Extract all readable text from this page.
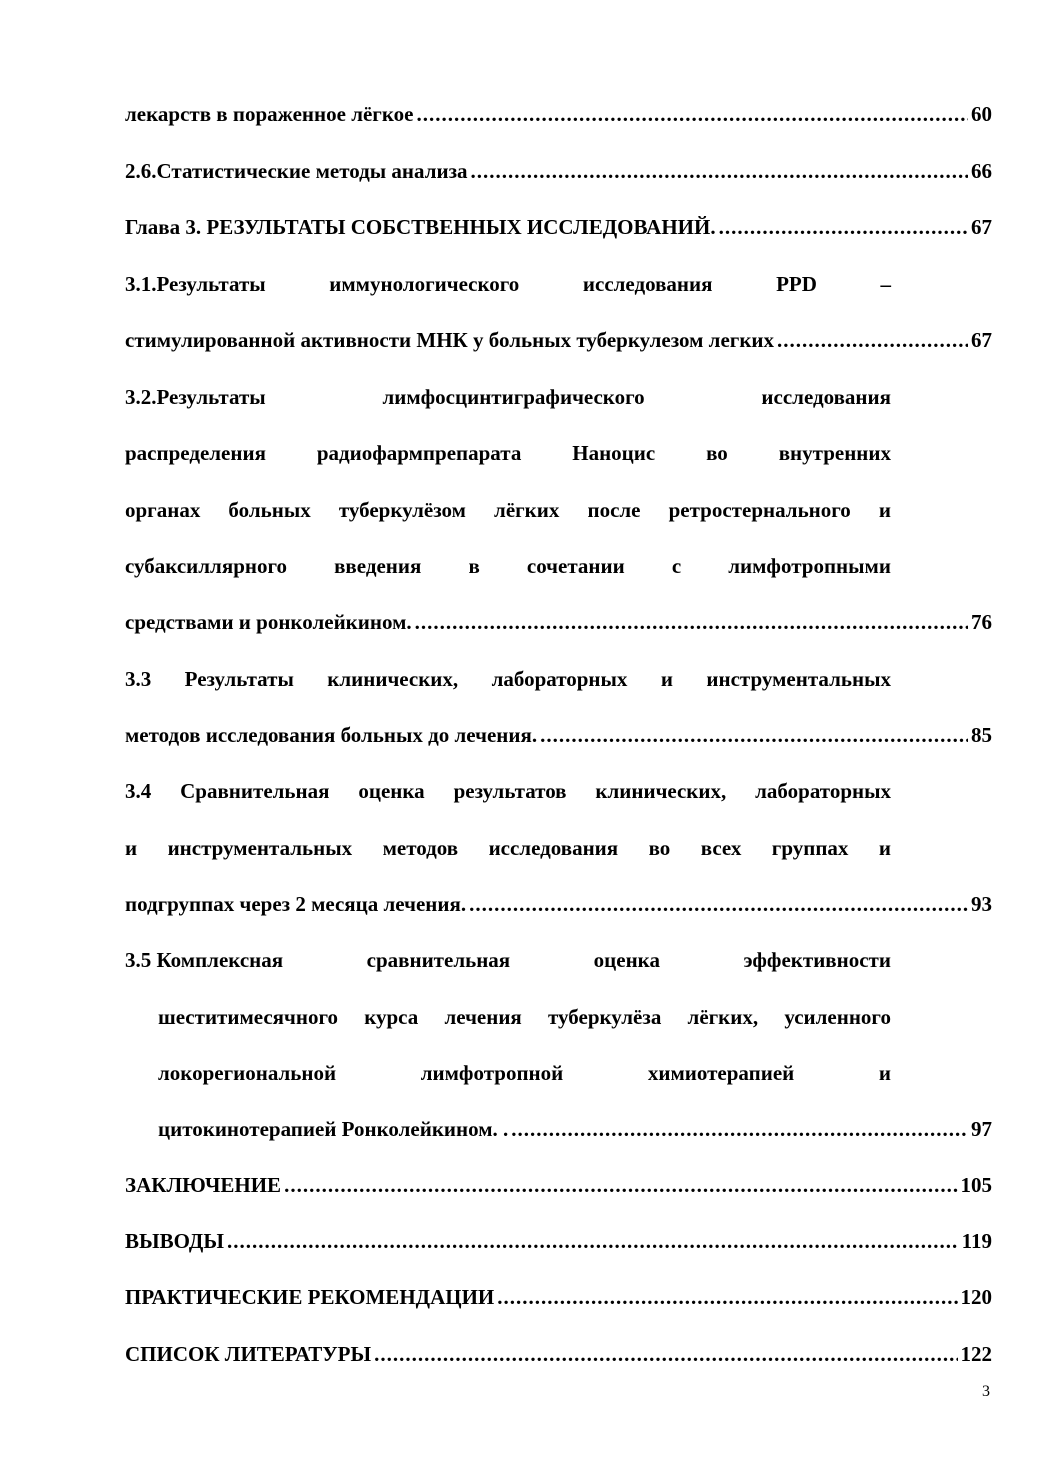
лекарств в пораженное лёгкое .....	60
2.6.Статистические методы анализа .....	66
Глава 3. РЕЗУЛЬТАТЫ СОБСТВЕННЫХ ИССЛЕДОВАНИЙ. .....	67
3.1.Результаты	иммунологического	исследования	PPD	–
стимулированной активности МНК у больных туберкулезом легких .....	67
3.2.Результаты	лимфосцинтиграфического	исследования
распределения радиофармпрепарата Наноцис во внутренних
органах больных туберкулёзом лёгких после ретростернального и
субаксиллярного введения в сочетании с лимфотропными
средствами и ронколейкином. .....	76
3.3 Результаты клинических, лабораторных и инструментальных
методов исследования больных до лечения. .....	85
3.4 Сравнительная оценка результатов клинических, лабораторных
и инструментальных методов исследования во всех группах и
подгруппах через 2 месяца лечения. .....	93
3.5 Комплексная	сравнительная	оценка	эффективности
шеститимесячного курса лечения туберкулёза лёгких, усиленного
локорегиональной	лимфотропной	химиотерапией	и
цитокинотерапией Ронколейкином. . .....	97
ЗАКЛЮЧЕНИЕ .....	105
ВЫВОДЫ .....	119
ПРАКТИЧЕСКИЕ РЕКОМЕНДАЦИИ .....	120
СПИСОК ЛИТЕРАТУРЫ .....	122
3
